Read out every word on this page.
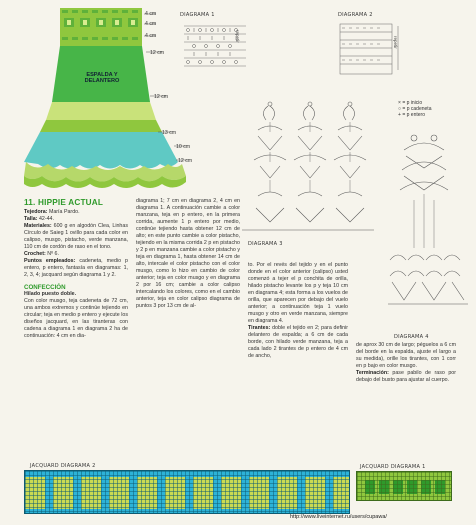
ESPALDA Y
DELANTERO
4 cm
4 cm
4 cm
12 cm
12 cm
13 cm
10 cm
12 cm
DIAGRAMA 1	DIAGRAMA 2
repetir
repetir
× = p inicio
○ = p cadeneta
+ = p entero
DIAGRAMA 3
DIAGRAMA 4
11. HIPPIE ACTUAL
Tejedora: María Pardo.
Talla: 42-44.
Materiales: 600 g en algodón Clea, Linhas Círculo de Saieg 1 ovillo para cada color en calipso, musgo, pistacho, verde manzana, 110 cm de cordón de raso en el tono.
Crochet: Nº 6.
Puntos empleados: cadeneta, medio p entero, p entero, fantasía en diagramas: 1, 2, 3, 4; jacquard según diagrama 1 y 2.
CONFECCIÓN
Hilado puesto doble.
Con color musgo, teja cadeneta de 72 cm, una ambos extremos y continúe tejiendo en circular; teja en medio p entero y ejecute los diseños jacquard, en las tiranteras con cadena a diagrama 1 en diagrama 2 ha de continuación: 4 cm en dia-
diagrama 1; 7 cm en diagrama 2, 4 cm en diagrama 1. A continuación cambie a color manzana, teja en p entero, en la primera corrida, aumente 1 p entero por medio, continúe tejiendo hasta obtener 12 cm de alto; en este punto cambie a color pistacho, tejiendo en la misma corrida 2 p en pistacho y 2 p en manzana cambie a color pistacho y teja en diagrama 1, hasta obtener 14 cm de alto, intercale el color pistacho con el color musgo, como lo hizo en cambio de color anterior; teja en color musgo y en diagrama 2 por 16 cm; cambie a color calipso intercalando los colores, como en el cambio anterior, teja en color calipso diagrama de puntos 3 por 13 cm de al-
to. Por el revés del tejido y en el punto donde en el color anterior (calipso) usted comenzó a tejer el p conchita de orilla, hilado pistacho levante los p y teja 10 cm en diagrama 4; esta forma a los vuelos de orilla, que aparecen por debajo del vuelo anterior; a continuación teja 1 vuelo musgo y otro en verde manzana, siempre en diagrama 4.
Tirantes: doble el tejido en 2; para definir delantero de espalda; a 6 cm de cada borde, con hilado verde manzana, teja a cada lado 2 tirantes de p entero de 4 cm de ancho,
de aprox 30 cm de largo; péguelos a 6 cm del borde en la espalda, ajuste el largo a su medida), orille los tirantes, con 1 corr en p bajo en color musgo.
Terminación: pase pabilo de raso por debajo del busto para ajustar al cuerpo.
JACQUARD DIAGRAMA 2	JACQUARD DIAGRAMA 1
http://www.liveinternet.ru/users/cupawa/
